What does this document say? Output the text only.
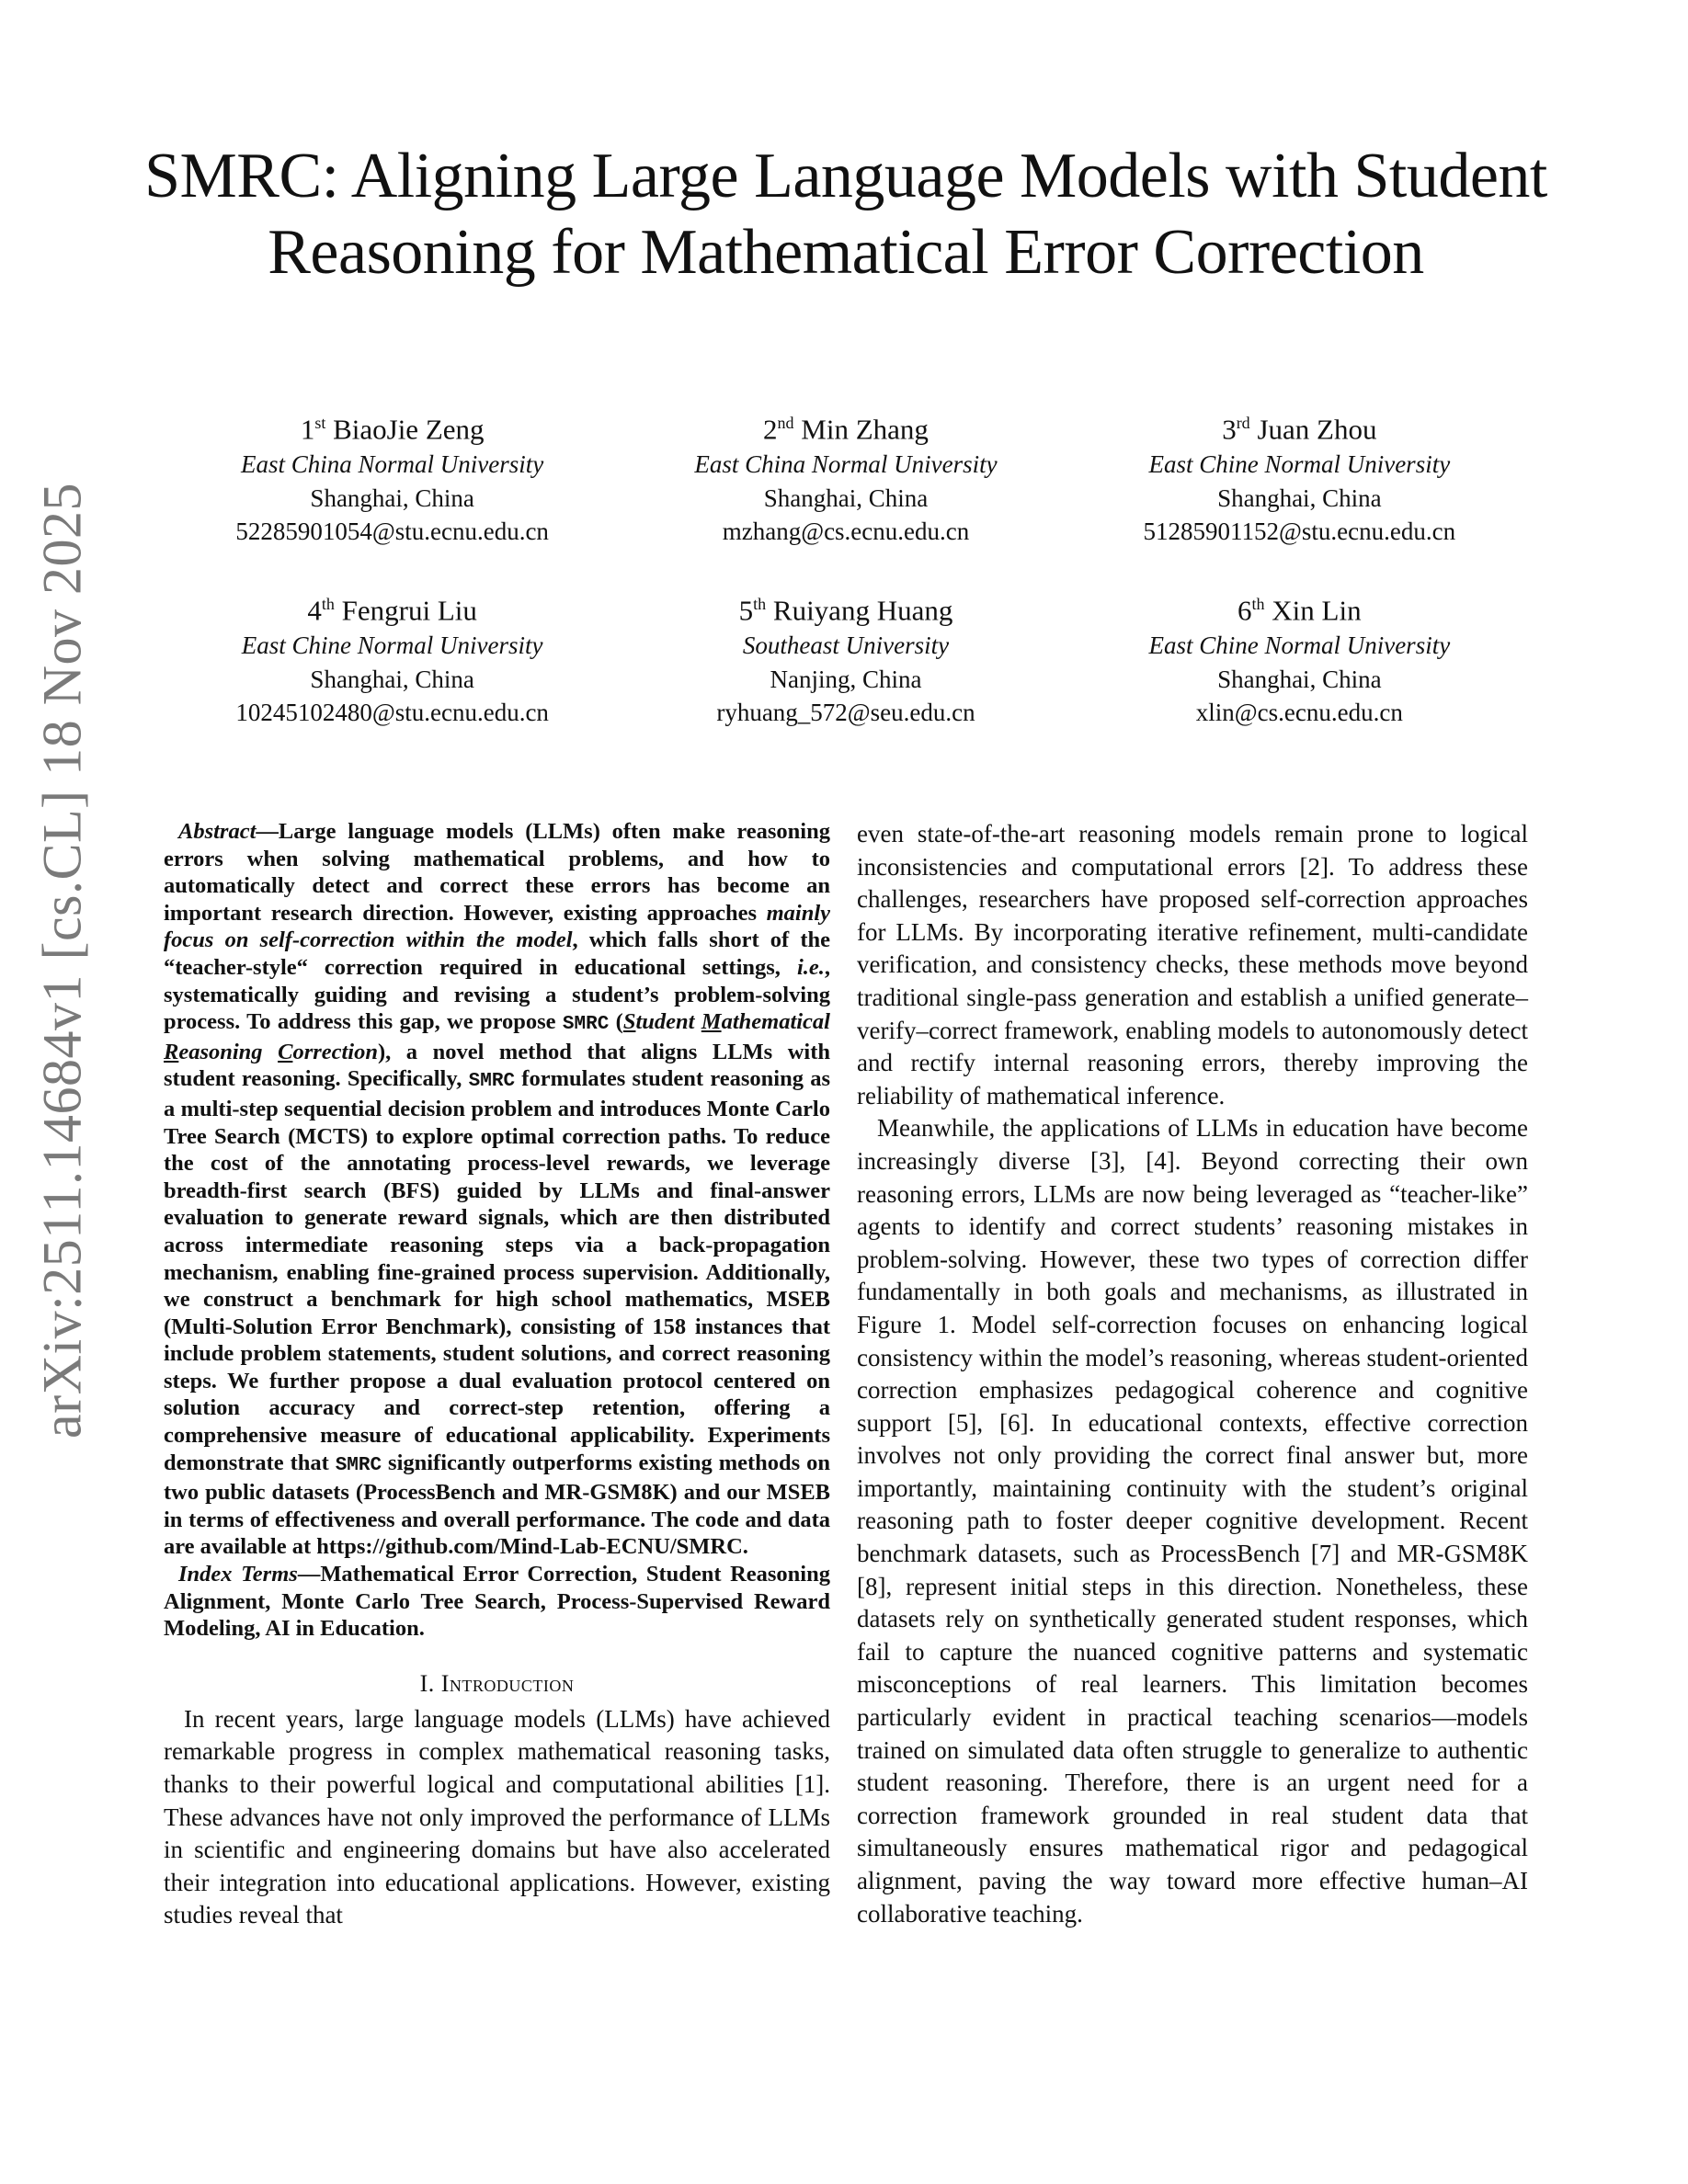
SMRC: Aligning Large Language Models with Student Reasoning for Mathematical Error Correction
arXiv:2511.14684v1 [cs.CL] 18 Nov 2025
1st BiaoJie Zeng
East China Normal University
Shanghai, China
52285901054@stu.ecnu.edu.cn
2nd Min Zhang
East China Normal University
Shanghai, China
mzhang@cs.ecnu.edu.cn
3rd Juan Zhou
East Chine Normal University
Shanghai, China
51285901152@stu.ecnu.edu.cn
4th Fengrui Liu
East Chine Normal University
Shanghai, China
10245102480@stu.ecnu.edu.cn
5th Ruiyang Huang
Southeast University
Nanjing, China
ryhuang_572@seu.edu.cn
6th Xin Lin
East Chine Normal University
Shanghai, China
xlin@cs.ecnu.edu.cn

Abstract—Large language models (LLMs) often make reasoning errors when solving mathematical problems, and how to automatically detect and correct these errors has become an important research direction. However, existing approaches mainly focus on self-correction within the model, which falls short of the “teacher-style“ correction required in educational settings, i.e., systematically guiding and revising a student’s problem-solving process. To address this gap, we propose SMRC (Student Mathematical Reasoning Correction), a novel method that aligns LLMs with student reasoning. Specifically, SMRC formulates student reasoning as a multi-step sequential decision problem and introduces Monte Carlo Tree Search (MCTS) to explore optimal correction paths. To reduce the cost of the annotating process-level rewards, we leverage breadth-first search (BFS) guided by LLMs and final-answer evaluation to generate reward signals, which are then distributed across intermediate reasoning steps via a back-propagation mechanism, enabling fine-grained process supervision. Additionally, we construct a benchmark for high school mathematics, MSEB (Multi-Solution Error Benchmark), consisting of 158 instances that include problem statements, student solutions, and correct reasoning steps. We further propose a dual evaluation protocol centered on solution accuracy and correct-step retention, offering a comprehensive measure of educational applicability. Experiments demonstrate that SMRC significantly outperforms existing methods on two public datasets (ProcessBench and MR-GSM8K) and our MSEB in terms of effectiveness and overall performance. The code and data are available at https://github.com/Mind-Lab-ECNU/SMRC.

Index Terms—Mathematical Error Correction, Student Reasoning Alignment, Monte Carlo Tree Search, Process-Supervised Reward Modeling, AI in Education.

I. Introduction

In recent years, large language models (LLMs) have achieved remarkable progress in complex mathematical reasoning tasks, thanks to their powerful logical and computational abilities [1]. These advances have not only improved the performance of LLMs in scientific and engineering domains but have also accelerated their integration into educational applications. However, existing studies reveal that

even state-of-the-art reasoning models remain prone to logical inconsistencies and computational errors [2]. To address these challenges, researchers have proposed self-correction approaches for LLMs. By incorporating iterative refinement, multi-candidate verification, and consistency checks, these methods move beyond traditional single-pass generation and establish a unified generate–verify–correct framework, enabling models to autonomously detect and rectify internal reasoning errors, thereby improving the reliability of mathematical inference.

Meanwhile, the applications of LLMs in education have become increasingly diverse [3], [4]. Beyond correcting their own reasoning errors, LLMs are now being leveraged as “teacher-like” agents to identify and correct students’ reasoning mistakes in problem-solving. However, these two types of correction differ fundamentally in both goals and mechanisms, as illustrated in Figure 1. Model self-correction focuses on enhancing logical consistency within the model’s reasoning, whereas student-oriented correction emphasizes pedagogical coherence and cognitive support [5], [6]. In educational contexts, effective correction involves not only providing the correct final answer but, more importantly, maintaining continuity with the student’s original reasoning path to foster deeper cognitive development. Recent benchmark datasets, such as ProcessBench [7] and MR-GSM8K [8], represent initial steps in this direction. Nonetheless, these datasets rely on synthetically generated student responses, which fail to capture the nuanced cognitive patterns and systematic misconceptions of real learners. This limitation becomes particularly evident in practical teaching scenarios—models trained on simulated data often struggle to generalize to authentic student reasoning. Therefore, there is an urgent need for a correction framework grounded in real student data that simultaneously ensures mathematical rigor and pedagogical alignment, paving the way toward more effective human–AI collaborative teaching.
